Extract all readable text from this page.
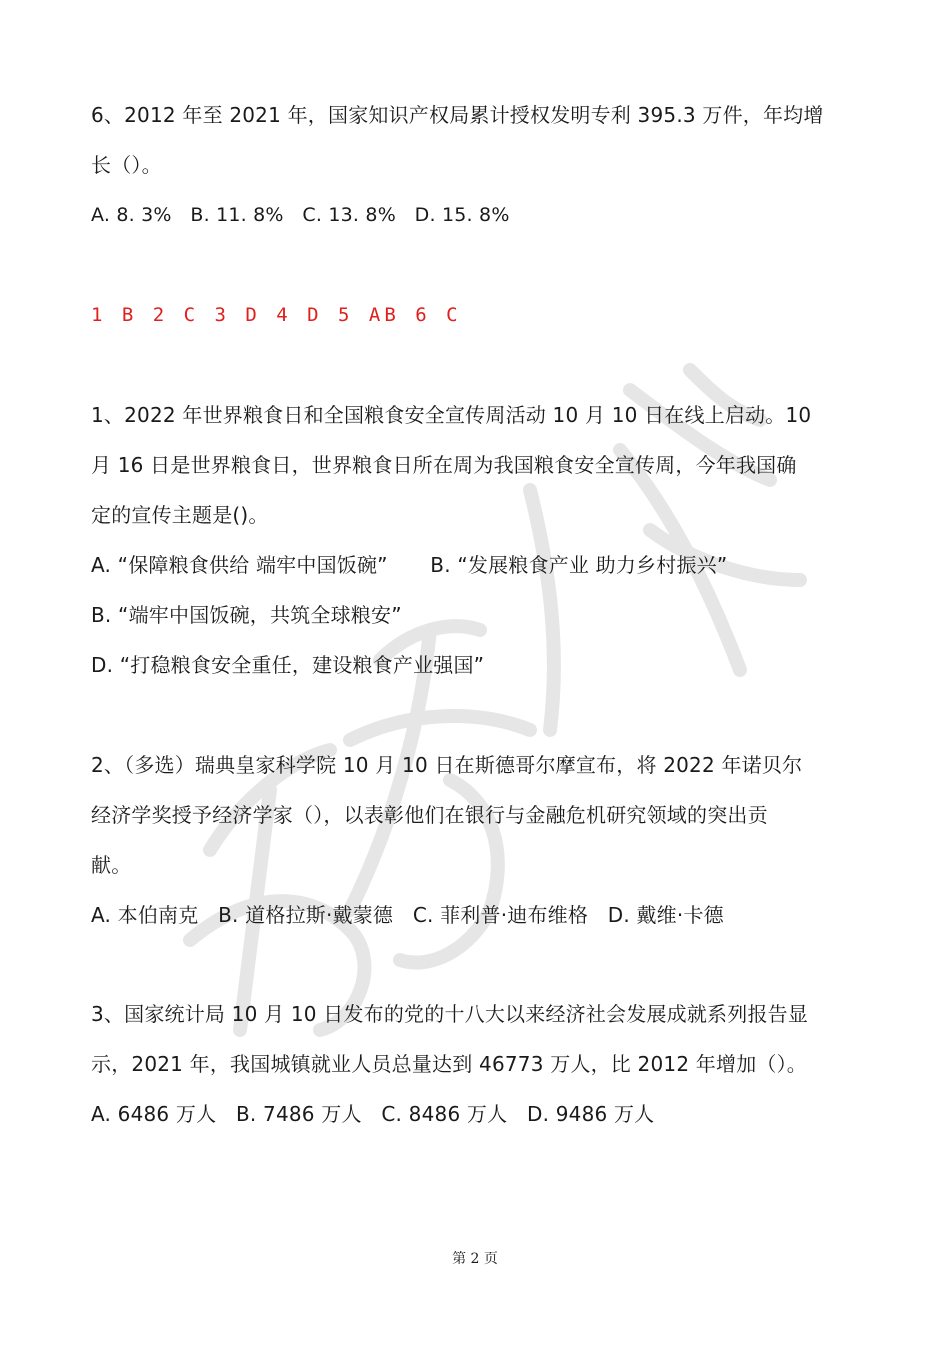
6、2012 年至 2021 年，国家知识产权局累计授权发明专利 395.3 万件，年均增
长（）。
A. 8. 3% B. 11. 8% C. 13. 8% D. 15. 8%
1 B 2 C 3 D 4 D 5 AB 6 C
1、2022 年世界粮食日和全国粮食安全宣传周活动 10 月 10 日在线上启动。10
月 16 日是世界粮食日，世界粮食日所在周为我国粮食安全宣传周，今年我国确
定的宣传主题是()。
A. “保障粮食供给 端牢中国饭碗” B. “发展粮食产业 助力乡村振兴”
B. “端牢中国饭碗，共筑全球粮安”
D. “打稳粮食安全重任，建设粮食产业强国”
2、（多选）瑞典皇家科学院 10 月 10 日在斯德哥尔摩宣布，将 2022 年诺贝尔
经济学奖授予经济学家（），以表彰他们在银行与金融危机研究领域的突出贡
献。
A. 本伯南克 B. 道格拉斯·戴蒙德 C. 菲利普·迪布维格 D. 戴维·卡德
3、国家统计局 10 月 10 日发布的党的十八大以来经济社会发展成就系列报告显
示，2021 年，我国城镇就业人员总量达到 46773 万人，比 2012 年增加（）。
A. 6486 万人 B. 7486 万人 C. 8486 万人 D. 9486 万人
第 2 页
